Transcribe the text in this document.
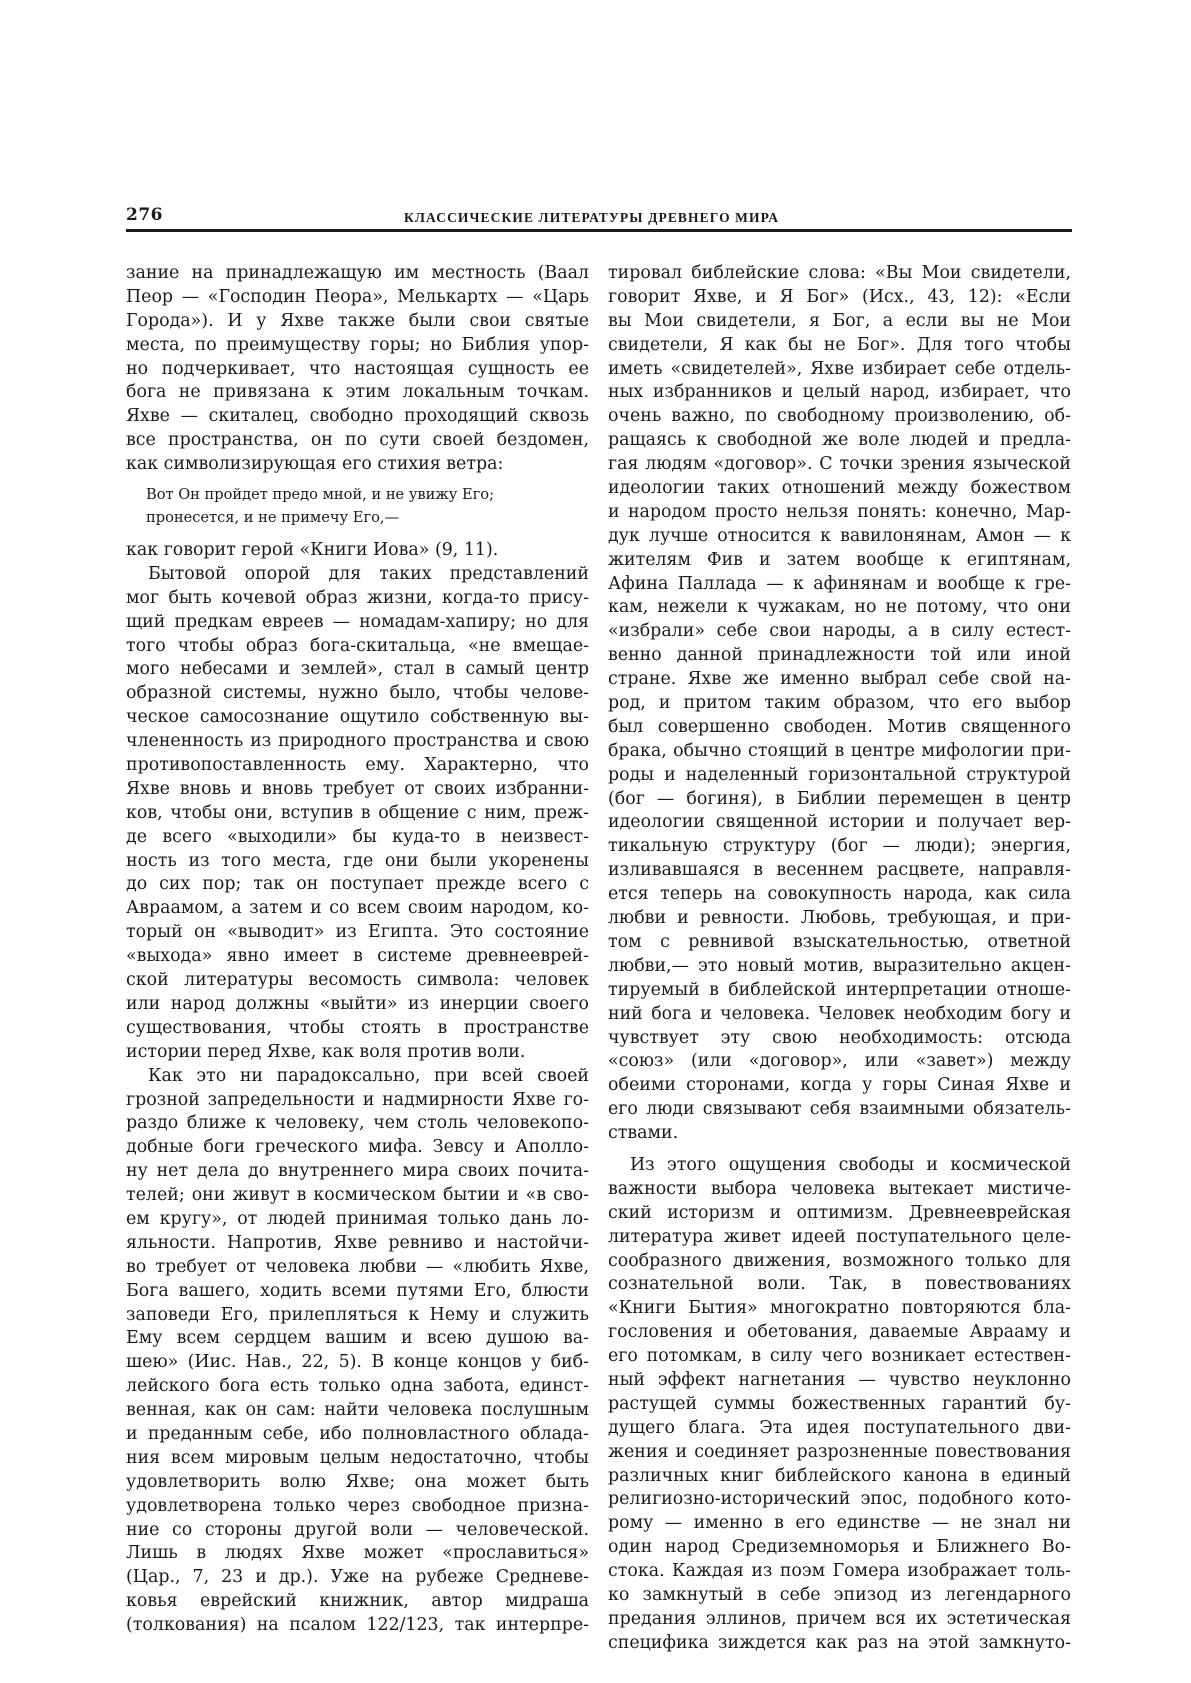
276	КЛАССИЧЕСКИЕ ЛИТЕРАТУРЫ ДРЕВНЕГО МИРА
зание на принадлежащую им местность (Ваал
Пеор — «Господин Пеора», Мелькартх — «Царь
Города»). И у Яхве также были свои святые
места, по преимуществу горы; но Библия упор-
но подчеркивает, что настоящая сущность ее
бога не привязана к этим локальным точкам.
Яхве — скиталец, свободно проходящий сквозь
все пространства, он по сути своей бездомен,
как символизирующая его стихия ветра:
Вот Он пройдет предо мной, и не увижу Его;
пронесется, и не примечу Его,—
как говорит герой «Книги Иова» (9, 11).
Бытовой опорой для таких представлений
мог быть кочевой образ жизни, когда-то прису-
щий предкам евреев — номадам-хапиру; но для
того чтобы образ бога-скитальца, «не вмещае-
мого небесами и землей», стал в самый центр
образной системы, нужно было, чтобы челове-
ческое самосознание ощутило собственную вы-
члененность из природного пространства и свою
противопоставленность ему. Характерно, что
Яхве вновь и вновь требует от своих избранни-
ков, чтобы они, вступив в общение с ним, преж-
де всего «выходили» бы куда-то в неизвест-
ность из того места, где они были укоренены
до сих пор; так он поступает прежде всего с
Авраамом, а затем и со всем своим народом, ко-
торый он «выводит» из Египта. Это состояние
«выхода» явно имеет в системе древнееврей-
ской литературы весомость символа: человек
или народ должны «выйти» из инерции своего
существования, чтобы стоять в пространстве
истории перед Яхве, как воля против воли.
Как это ни парадоксально, при всей своей
грозной запредельности и надмирности Яхве го-
раздо ближе к человеку, чем столь человекопо-
добные боги греческого мифа. Зевсу и Аполло-
ну нет дела до внутреннего мира своих почита-
телей; они живут в космическом бытии и «в сво-
ем кругу», от людей принимая только дань ло-
яльности. Напротив, Яхве ревниво и настойчи-
во требует от человека любви — «любить Яхве,
Бога вашего, ходить всеми путями Его, блюсти
заповеди Его, прилепляться к Нему и служить
Ему всем сердцем вашим и всею душою ва-
шею» (Иис. Нав., 22, 5). В конце концов у биб-
лейского бога есть только одна забота, единст-
венная, как он сам: найти человека послушным
и преданным себе, ибо полновластного облада-
ния всем мировым целым недостаточно, чтобы
удовлетворить волю Яхве; она может быть
удовлетворена только через свободное призна-
ние со стороны другой воли — человеческой.
Лишь в людях Яхве может «прославиться»
(Цар., 7, 23 и др.). Уже на рубеже Средневе-
ковья еврейский книжник, автор мидраша
(толкования) на псалом 122/123, так интерпре-
тировал библейские слова: «Вы Мои свидетели,
говорит Яхве, и Я Бог» (Исх., 43, 12): «Если
вы Мои свидетели, я Бог, а если вы не Мои
свидетели, Я как бы не Бог». Для того чтобы
иметь «свидетелей», Яхве избирает себе отдель-
ных избранников и целый народ, избирает, что
очень важно, по свободному произволению, об-
ращаясь к свободной же воле людей и предла-
гая людям «договор». С точки зрения языческой
идеологии таких отношений между божеством
и народом просто нельзя понять: конечно, Мар-
дук лучше относится к вавилонянам, Амон — к
жителям Фив и затем вообще к египтянам,
Афина Паллада — к афинянам и вообще к гре-
кам, нежели к чужакам, но не потому, что они
«избрали» себе свои народы, а в силу естест-
венно данной принадлежности той или иной
стране. Яхве же именно выбрал себе свой на-
род, и притом таким образом, что его выбор
был совершенно свободен. Мотив священного
брака, обычно стоящий в центре мифологии при-
роды и наделенный горизонтальной структурой
(бог — богиня), в Библии перемещен в центр
идеологии священной истории и получает вер-
тикальную структуру (бог — люди); энергия,
изливавшаяся в весеннем расцвете, направля-
ется теперь на совокупность народа, как сила
любви и ревности. Любовь, требующая, и при-
том с ревнивой взыскательностью, ответной
любви,— это новый мотив, выразительно акцен-
тируемый в библейской интерпретации отноше-
ний бога и человека. Человек необходим богу и
чувствует эту свою необходимость: отсюда
«союз» (или «договор», или «завет») между
обеими сторонами, когда у горы Синая Яхве и
его люди связывают себя взаимными обязатель-
ствами.
Из этого ощущения свободы и космической
важности выбора человека вытекает мистиче-
ский историзм и оптимизм. Древнееврейская
литература живет идеей поступательного целе-
сообразного движения, возможного только для
сознательной воли. Так, в повествованиях
«Книги Бытия» многократно повторяются бла-
гословения и обетования, даваемые Аврааму и
его потомкам, в силу чего возникает естествен-
ный эффект нагнетания — чувство неуклонно
растущей суммы божественных гарантий бу-
дущего блага. Эта идея поступательного дви-
жения и соединяет разрозненные повествования
различных книг библейского канона в единый
религиозно-исторический эпос, подобного кото-
рому — именно в его единстве — не знал ни
один народ Средиземноморья и Ближнего Во-
стока. Каждая из поэм Гомера изображает толь-
ко замкнутый в себе эпизод из легендарного
предания эллинов, причем вся их эстетическая
специфика зиждется как раз на этой замкнуто-
